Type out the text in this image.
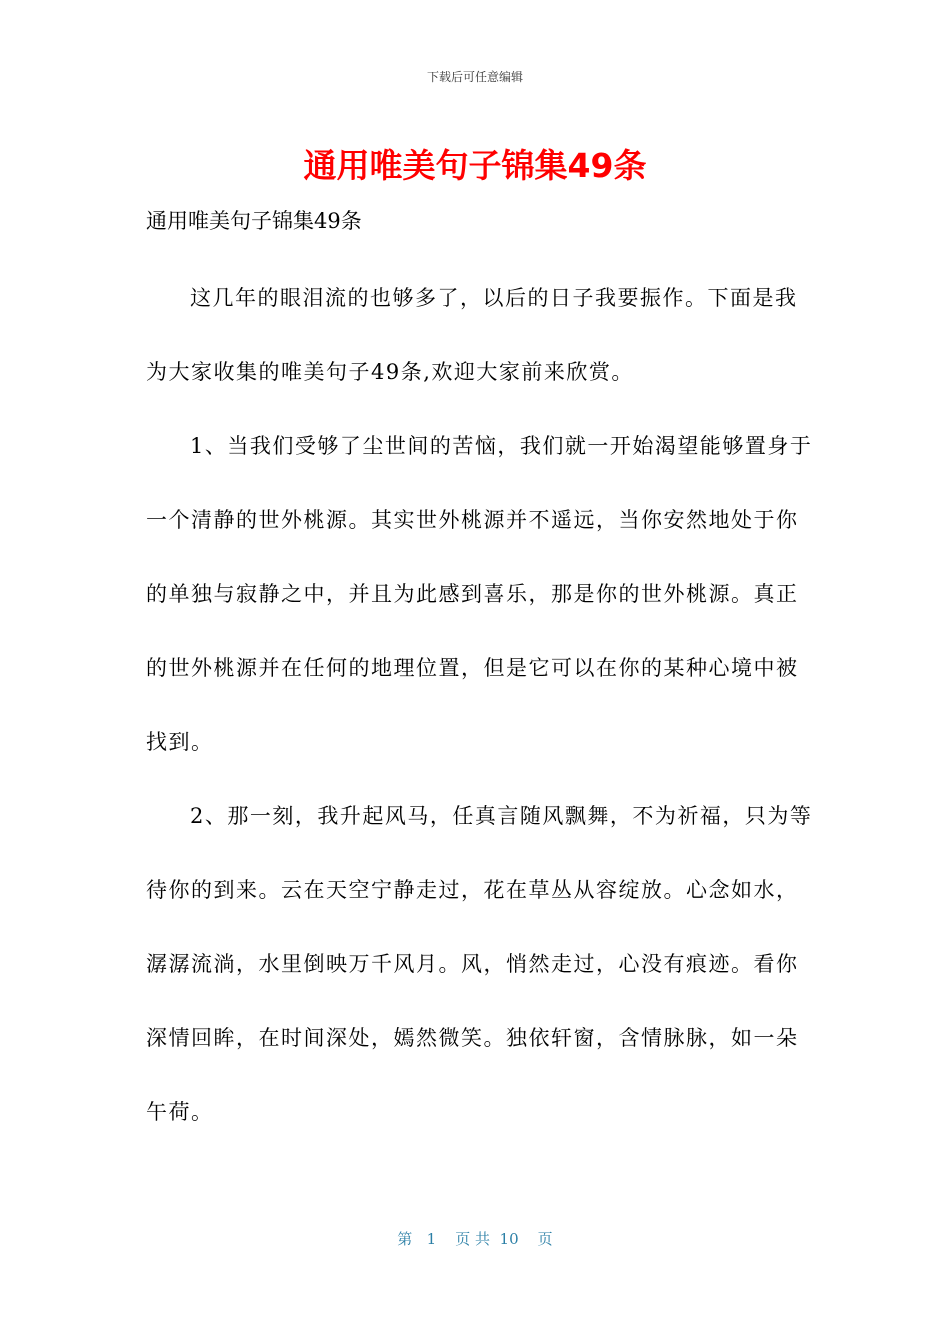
下载后可任意编辑
通用唯美句子锦集49条
通用唯美句子锦集49条
这几年的眼泪流的也够多了，以后的日子我要振作。下面是我
为大家收集的唯美句子49条,欢迎大家前来欣赏。
1、当我们受够了尘世间的苦恼，我们就一开始渴望能够置身于
一个清静的世外桃源。其实世外桃源并不遥远，当你安然地处于你
的单独与寂静之中，并且为此感到喜乐，那是你的世外桃源。真正
的世外桃源并在任何的地理位置，但是它可以在你的某种心境中被
找到。
2、那一刻，我升起风马，任真言随风飘舞，不为祈福，只为等
待你的到来。云在天空宁静走过，花在草丛从容绽放。心念如水，
潺潺流淌，水里倒映万千风月。风，悄然走过，心没有痕迹。看你
深情回眸，在时间深处，嫣然微笑。独依轩窗，含情脉脉，如一朵
午荷。
第   1    页 共  10    页
